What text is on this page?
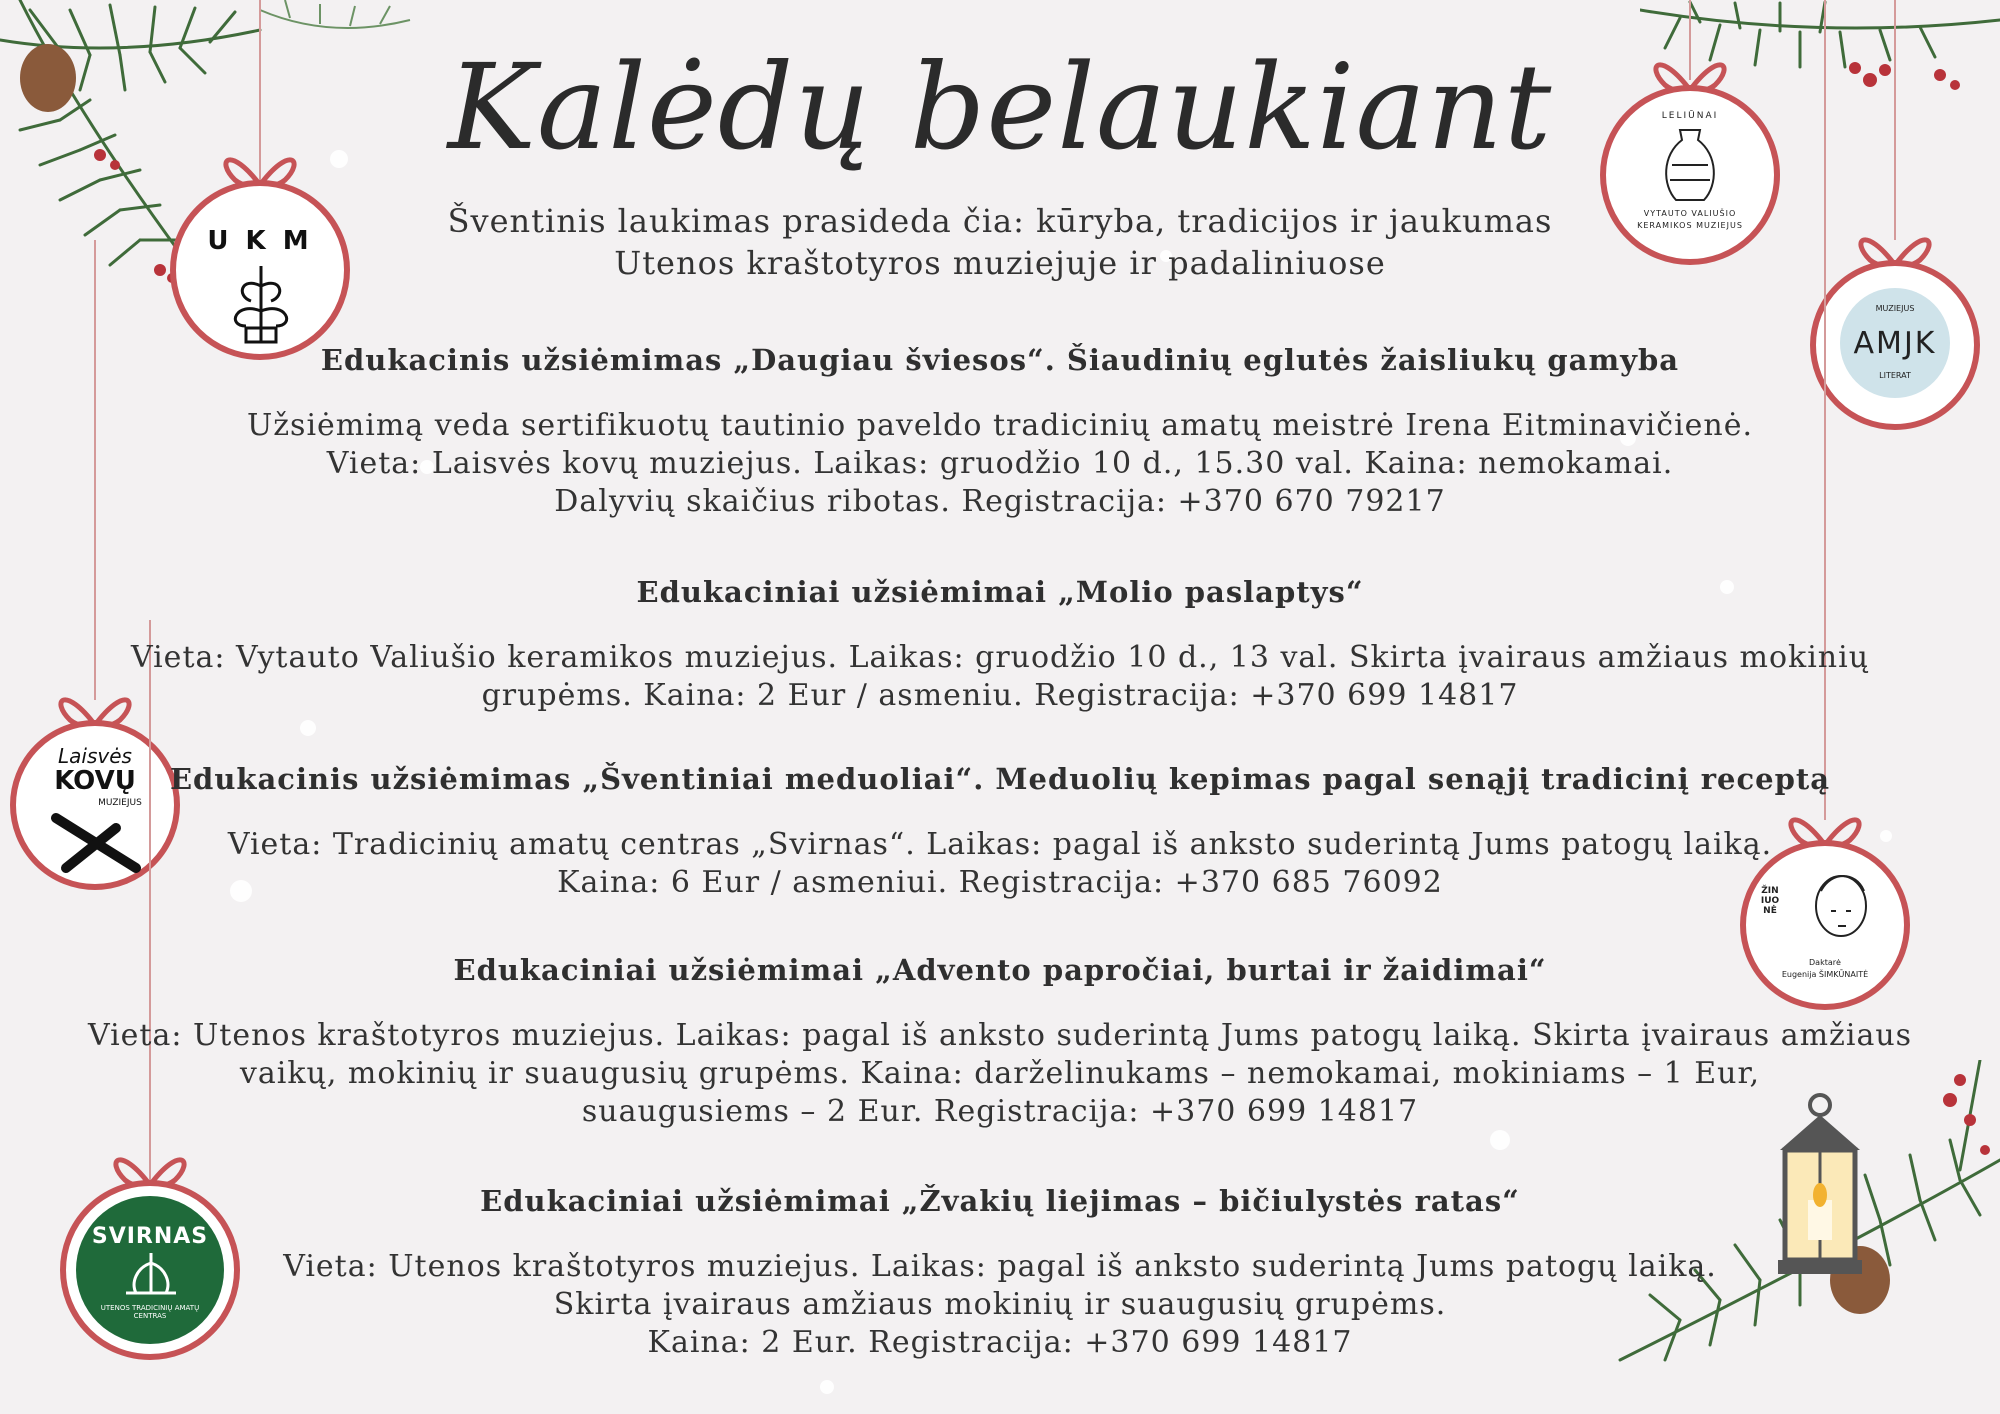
U K M
LELIŪNAI
VYTAUTO VALIUŠIO
KERAMIKOS MUZIEJUS
MUZIEJUS
AMJK
LITERAT
Laisvės
KOVŲ
MUZIEJUS
ŽINIUONĖ
Daktarė
Eugenija ŠIMKŪNAITĖ
SVIRNAS
UTENOS TRADICINIŲ AMATŲ CENTRAS
Kalėdų belaukiant
Šventinis laukimas prasideda čia: kūryba, tradicijos ir jaukumas
Utenos kraštotyros muziejuje ir padaliniuose
Edukacinis užsiėmimas „Daugiau šviesos“. Šiaudinių eglutės žaisliukų gamyba

Užsiėmimą veda sertifikuotų tautinio paveldo tradicinių amatų meistrė Irena Eitminavičienė.
Vieta: Laisvės kovų muziejus. Laikas: gruodžio 10 d., 15.30 val. Kaina: nemokamai.
Dalyvių skaičius ribotas. Registracija: +370 670 79217

Edukaciniai užsiėmimai „Molio paslaptys“

Vieta: Vytauto Valiušio keramikos muziejus. Laikas: gruodžio 10 d., 13 val. Skirta įvairaus amžiaus mokinių
grupėms. Kaina: 2 Eur / asmeniu. Registracija: +370 699 14817

Edukacinis užsiėmimas „Šventiniai meduoliai“. Meduolių kepimas pagal senąjį tradicinį receptą

Vieta: Tradicinių amatų centras „Svirnas“. Laikas: pagal iš anksto suderintą Jums patogų laiką.
Kaina: 6 Eur / asmeniui. Registracija: +370 685 76092

Edukaciniai užsiėmimai „Advento papročiai, burtai ir žaidimai“

Vieta: Utenos kraštotyros muziejus. Laikas: pagal iš anksto suderintą Jums patogų laiką. Skirta įvairaus amžiaus
vaikų, mokinių ir suaugusių grupėms. Kaina: darželinukams – nemokamai, mokiniams – 1 Eur,
suaugusiems – 2 Eur. Registracija: +370 699 14817

Edukaciniai užsiėmimai „Žvakių liejimas – bičiulystės ratas“

Vieta: Utenos kraštotyros muziejus. Laikas: pagal iš anksto suderintą Jums patogų laiką.
Skirta įvairaus amžiaus mokinių ir suaugusių grupėms.
Kaina: 2 Eur. Registracija: +370 699 14817
